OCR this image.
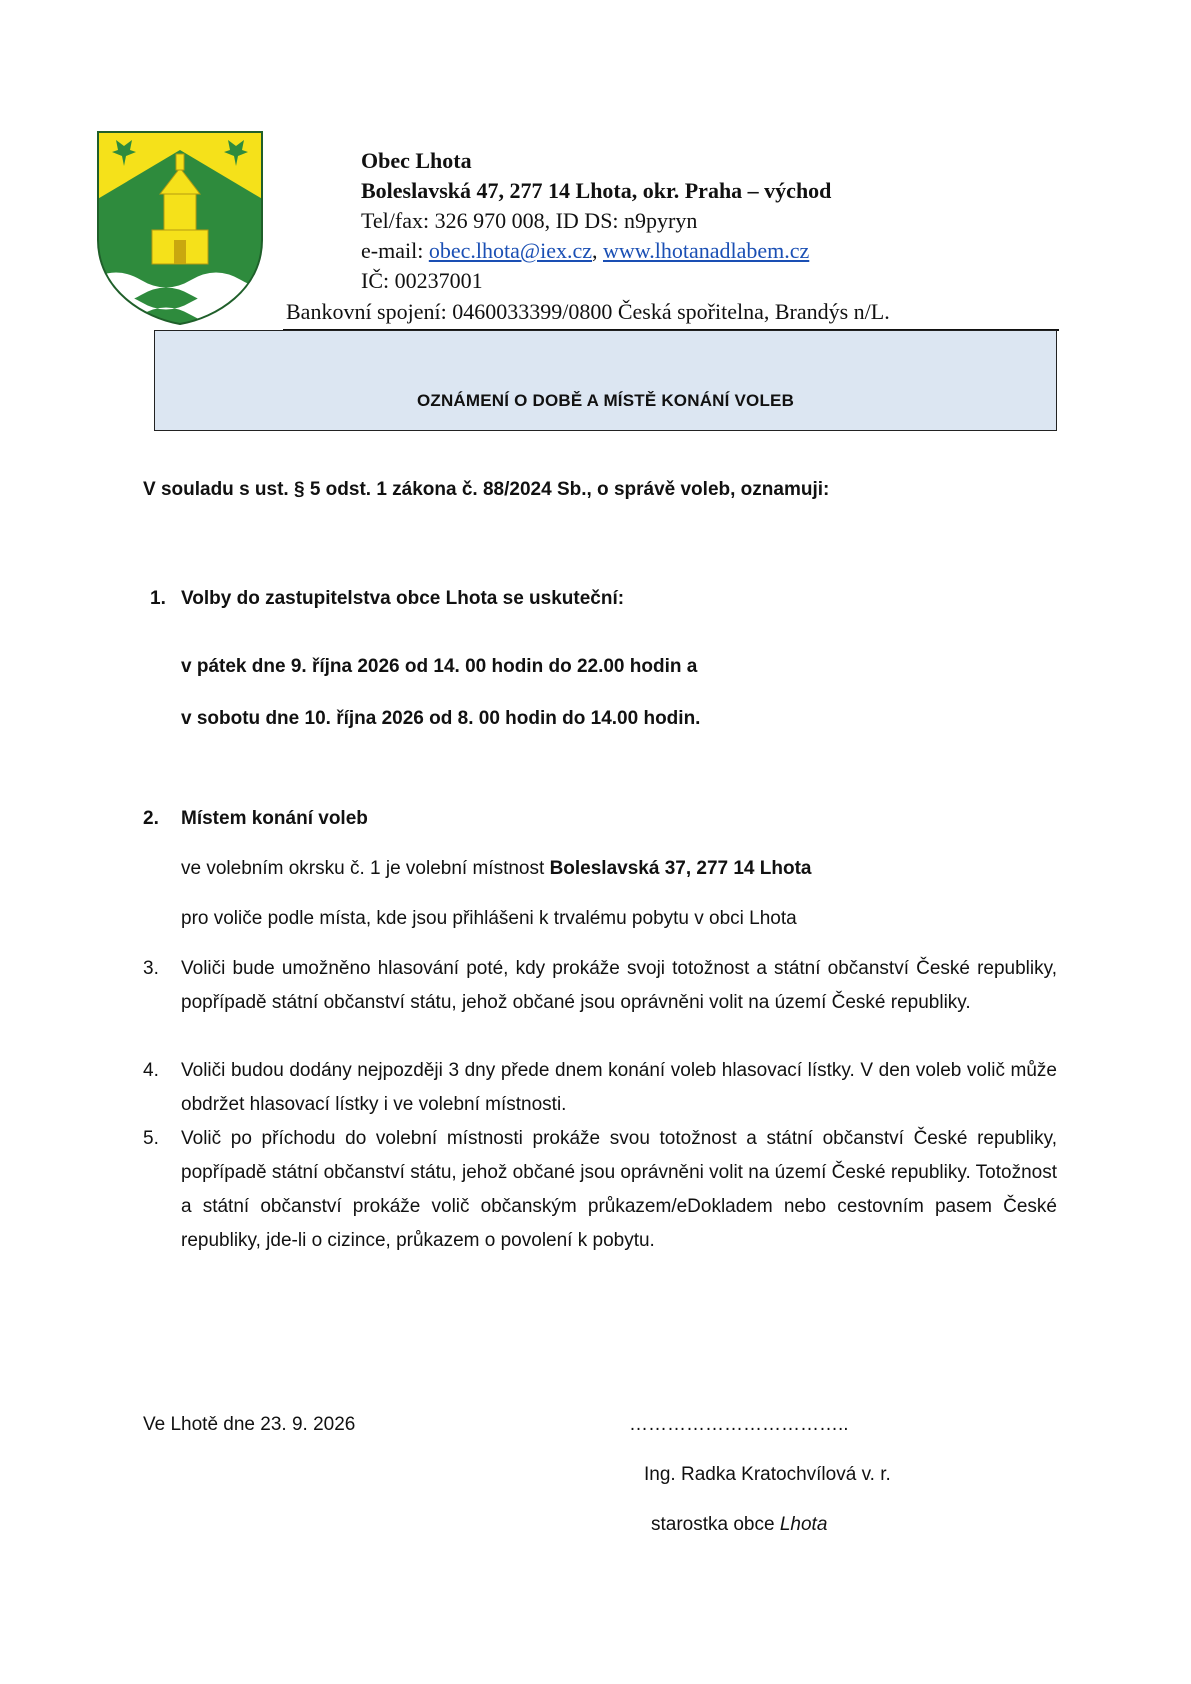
Obec Lhota
Boleslavská 47, 277 14 Lhota, okr. Praha – východ
Tel/fax: 326 970 008, ID DS: n9pyryn
e-mail: obec.lhota@iex.cz, www.lhotanadlabem.cz
IČ: 00237001
Bankovní spojení: 0460033399/0800 Česká spořitelna, Brandýs n/L.
OZNÁMENÍ O DOBĚ A MÍSTĚ KONÁNÍ VOLEB
V souladu s ust. § 5 odst. 1 zákona č. 88/2024 Sb., o správě voleb, oznamuji:
1. Volby do zastupitelstva obce Lhota se uskuteční:
v pátek dne 9. října 2026 od 14. 00 hodin do 22.00 hodin a
v sobotu dne 10. října 2026 od 8. 00 hodin do 14.00 hodin.
2. Místem konání voleb
ve volebním okrsku č. 1 je volební místnost Boleslavská 37, 277 14 Lhota
pro voliče podle místa, kde jsou přihlášeni k trvalému pobytu v obci Lhota
3. Voliči bude umožněno hlasování poté, kdy prokáže svoji totožnost a státní občanství České republiky, popřípadě státní občanství státu, jehož občané jsou oprávněni volit na území České republiky.
4. Voliči budou dodány nejpozději 3 dny přede dnem konání voleb hlasovací lístky. V den voleb volič může obdržet hlasovací lístky i ve volební místnosti.
5. Volič po příchodu do volební místnosti prokáže svou totožnost a státní občanství České republiky, popřípadě státní občanství státu, jehož občané jsou oprávněni volit na území České republiky. Totožnost a státní občanství prokáže volič občanským průkazem/eDokladem nebo cestovním pasem České republiky, jde-li o cizince, průkazem o povolení k pobytu.
Ve Lhotě dne 23. 9. 2026	……………………………..
Ing. Radka Kratochvílová v. r.
starostka obce Lhota
